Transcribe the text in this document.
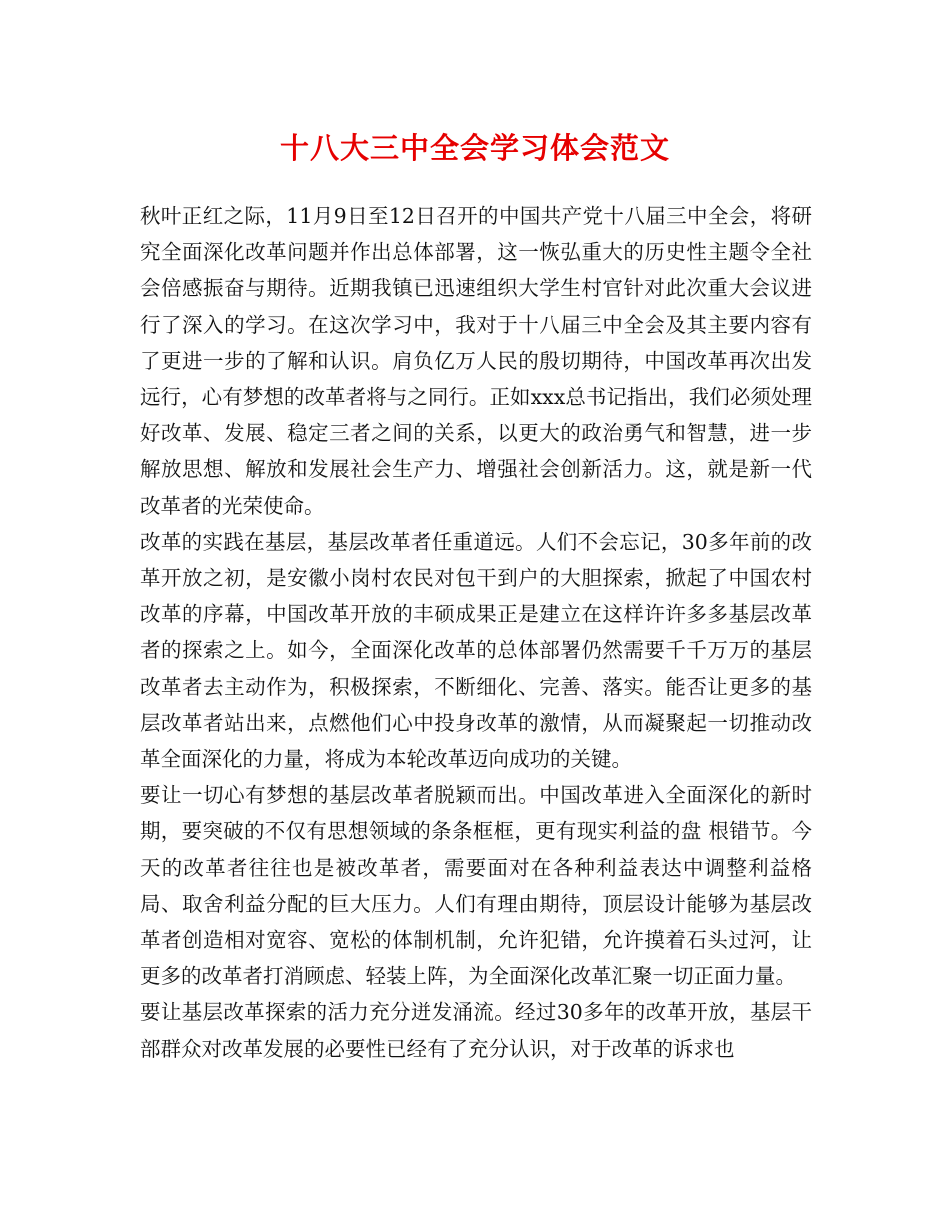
十八大三中全会学习体会范文

秋叶正红之际，11月9日至12日召开的中国共产党十八届三中全会，将研究全面深化改革问题并作出总体部署，这一恢弘重大的历史性主题令全社会倍感振奋与期待。近期我镇已迅速组织大学生村官针对此次重大会议进行了深入的学习。在这次学习中，我对于十八届三中全会及其主要内容有了更进一步的了解和认识。肩负亿万人民的殷切期待，中国改革再次出发远行，心有梦想的改革者将与之同行。正如xxx总书记指出，我们必须处理好改革、发展、稳定三者之间的关系，以更大的政治勇气和智慧，进一步解放思想、解放和发展社会生产力、增强社会创新活力。这，就是新一代改革者的光荣使命。

改革的实践在基层，基层改革者任重道远。人们不会忘记，30多年前的改革开放之初，是安徽小岗村农民对包干到户的大胆探索，掀起了中国农村改革的序幕，中国改革开放的丰硕成果正是建立在这样许许多多基层改革者的探索之上。如今，全面深化改革的总体部署仍然需要千千万万的基层改革者去主动作为，积极探索，不断细化、完善、落实。能否让更多的基层改革者站出来，点燃他们心中投身改革的激情，从而凝聚起一切推动改革全面深化的力量，将成为本轮改革迈向成功的关键。

要让一切心有梦想的基层改革者脱颖而出。中国改革进入全面深化的新时期，要突破的不仅有思想领域的条条框框，更有现实利益的盘 根错节。今天的改革者往往也是被改革者，需要面对在各种利益表达中调整利益格局、取舍利益分配的巨大压力。人们有理由期待，顶层设计能够为基层改革者创造相对宽容、宽松的体制机制，允许犯错，允许摸着石头过河，让更多的改革者打消顾虑、轻装上阵，为全面深化改革汇聚一切正面力量。

要让基层改革探索的活力充分迸发涌流。经过30多年的改革开放，基层干部群众对改革发展的必要性已经有了充分认识，对于改革的诉求也
